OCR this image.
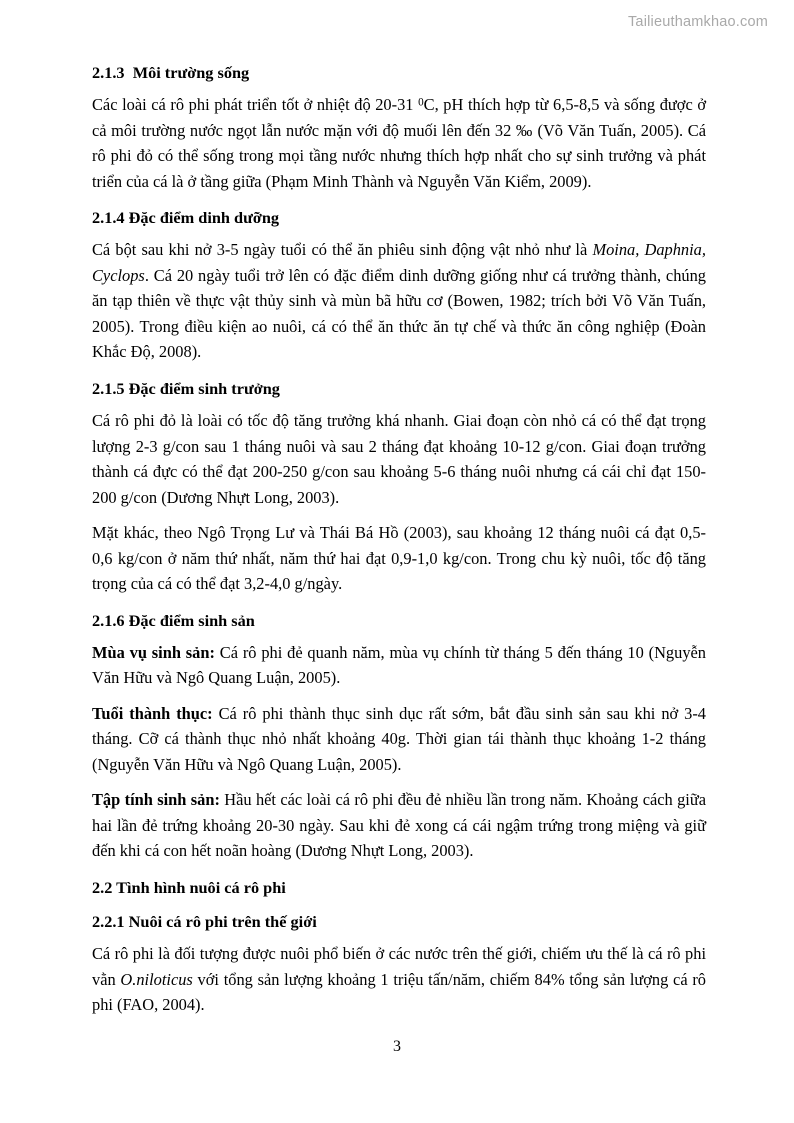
Tailieuthamkhao.com
2.1.3  Môi trường sống

Các loài cá rô phi phát triển tốt ở nhiệt độ 20-31 $^0$C, pH thích hợp từ 6,5-8,5 và sống được ở cả môi trường nước ngọt lẫn nước mặn với độ muối lên đến 32 ‰ (Võ Văn Tuấn, 2005). Cá rô phi đỏ có thể sống trong mọi tầng nước nhưng thích hợp nhất cho sự sinh trưởng và phát triển của cá là ở tầng giữa (Phạm Minh Thành và Nguyễn Văn Kiểm, 2009).

2.1.4 Đặc điểm dinh dưỡng

Cá bột sau khi nở 3-5 ngày tuổi có thể ăn phiêu sinh động vật nhỏ như là Moina, Daphnia, Cyclops. Cá 20 ngày tuổi trở lên có đặc điểm dinh dưỡng giống như cá trưởng thành, chúng ăn tạp thiên về thực vật thủy sinh và mùn bã hữu cơ (Bowen, 1982; trích bởi Võ Văn Tuấn, 2005). Trong điều kiện ao nuôi, cá có thể ăn thức ăn tự chế và thức ăn công nghiệp (Đoàn Khắc Độ, 2008).

2.1.5 Đặc điểm sinh trưởng

Cá rô phi đỏ là loài có tốc độ tăng trưởng khá nhanh. Giai đoạn còn nhỏ cá có thể đạt trọng lượng 2-3 g/con sau 1 tháng nuôi và sau 2 tháng đạt khoảng 10-12 g/con. Giai đoạn trưởng thành cá đực có thể đạt 200-250 g/con sau khoảng 5-6 tháng nuôi nhưng cá cái chỉ đạt 150-200 g/con (Dương Nhựt Long, 2003).

Mặt khác, theo Ngô Trọng Lư và Thái Bá Hồ (2003), sau khoảng 12 tháng nuôi cá đạt 0,5-0,6 kg/con ở năm thứ nhất, năm thứ hai đạt 0,9-1,0 kg/con. Trong chu kỳ nuôi, tốc độ tăng trọng của cá có thể đạt 3,2-4,0 g/ngày.

2.1.6 Đặc điểm sinh sản

Mùa vụ sinh sản: Cá rô phi đẻ quanh năm, mùa vụ chính từ tháng 5 đến tháng 10 (Nguyễn Văn Hữu và Ngô Quang Luận, 2005).

Tuổi thành thục: Cá rô phi thành thục sinh dục rất sớm, bắt đầu sinh sản sau khi nở 3-4 tháng. Cỡ cá thành thục nhỏ nhất khoảng 40g. Thời gian tái thành thục khoảng 1-2 tháng (Nguyễn Văn Hữu và Ngô Quang Luận, 2005).

Tập tính sinh sản: Hầu hết các loài cá rô phi đều đẻ nhiều lần trong năm. Khoảng cách giữa hai lần đẻ trứng khoảng 20-30 ngày. Sau khi đẻ xong cá cái ngậm trứng trong miệng và giữ đến khi cá con hết noãn hoàng (Dương Nhựt Long, 2003).

2.2 Tình hình nuôi cá rô phi
2.2.1 Nuôi cá rô phi trên thế giới

Cá rô phi là đối tượng được nuôi phổ biến ở các nước trên thế giới, chiếm ưu thế là cá rô phi vằn O.niloticus với tổng sản lượng khoảng 1 triệu tấn/năm, chiếm 84% tổng sản lượng cá rô phi (FAO, 2004).

3
